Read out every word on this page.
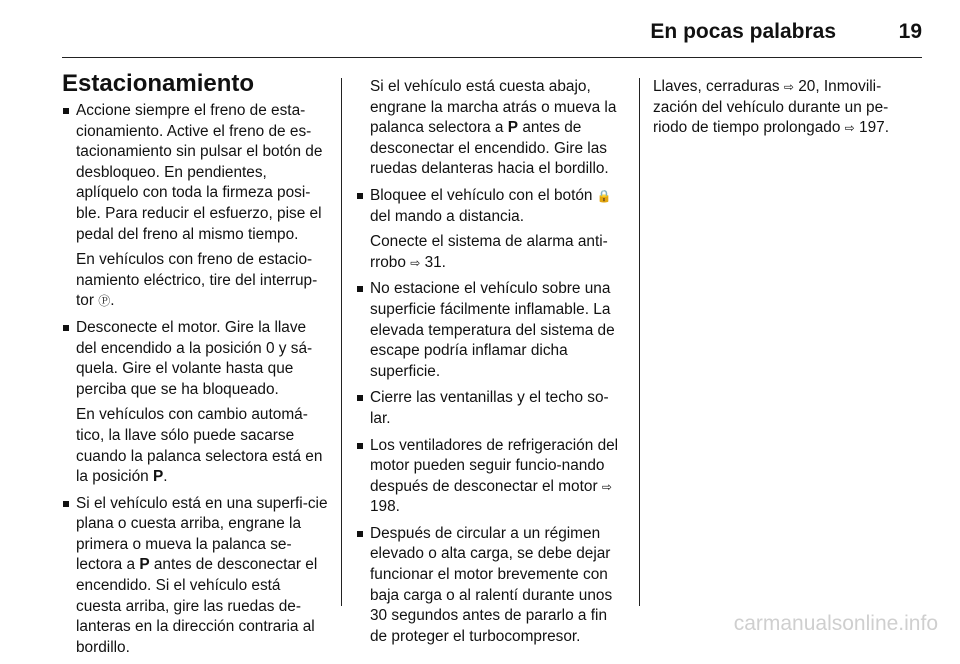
En pocas palabras	19
Estacionamiento
Accione siempre el freno de esta-cionamiento. Active el freno de es-tacionamiento sin pulsar el botón de desbloqueo. En pendientes, aplíquelo con toda la firmeza posi-ble. Para reducir el esfuerzo, pise el pedal del freno al mismo tiempo.
En vehículos con freno de estacio-namiento eléctrico, tire del interrup-tor Ⓟ.
Desconecte el motor. Gire la llave del encendido a la posición 0 y sá-quela. Gire el volante hasta que perciba que se ha bloqueado.
En vehículos con cambio automá-tico, la llave sólo puede sacarse cuando la palanca selectora está en la posición P.
Si el vehículo está en una superfi-cie plana o cuesta arriba, engrane la primera o mueva la palanca se-lectora a P antes de desconectar el encendido. Si el vehículo está cuesta arriba, gire las ruedas de-lanteras en la dirección contraria al bordillo.
Si el vehículo está cuesta abajo, engrane la marcha atrás o mueva la palanca selectora a P antes de desconectar el encendido. Gire las ruedas delanteras hacia el bordillo.
Bloquee el vehículo con el botón 🔒 del mando a distancia.
Conecte el sistema de alarma anti-rrobo ⇨ 31.
No estacione el vehículo sobre una superficie fácilmente inflamable. La elevada temperatura del sistema de escape podría inflamar dicha superficie.
Cierre las ventanillas y el techo so-lar.
Los ventiladores de refrigeración del motor pueden seguir funcio-nando después de desconectar el motor ⇨ 198.
Después de circular a un régimen elevado o alta carga, se debe dejar funcionar el motor brevemente con baja carga o al ralentí durante unos 30 segundos antes de pararlo a fin de proteger el turbocompresor.
Llaves, cerraduras ⇨ 20, Inmovili-zación del vehículo durante un pe-riodo de tiempo prolongado ⇨ 197.
carmanualsonline.info
